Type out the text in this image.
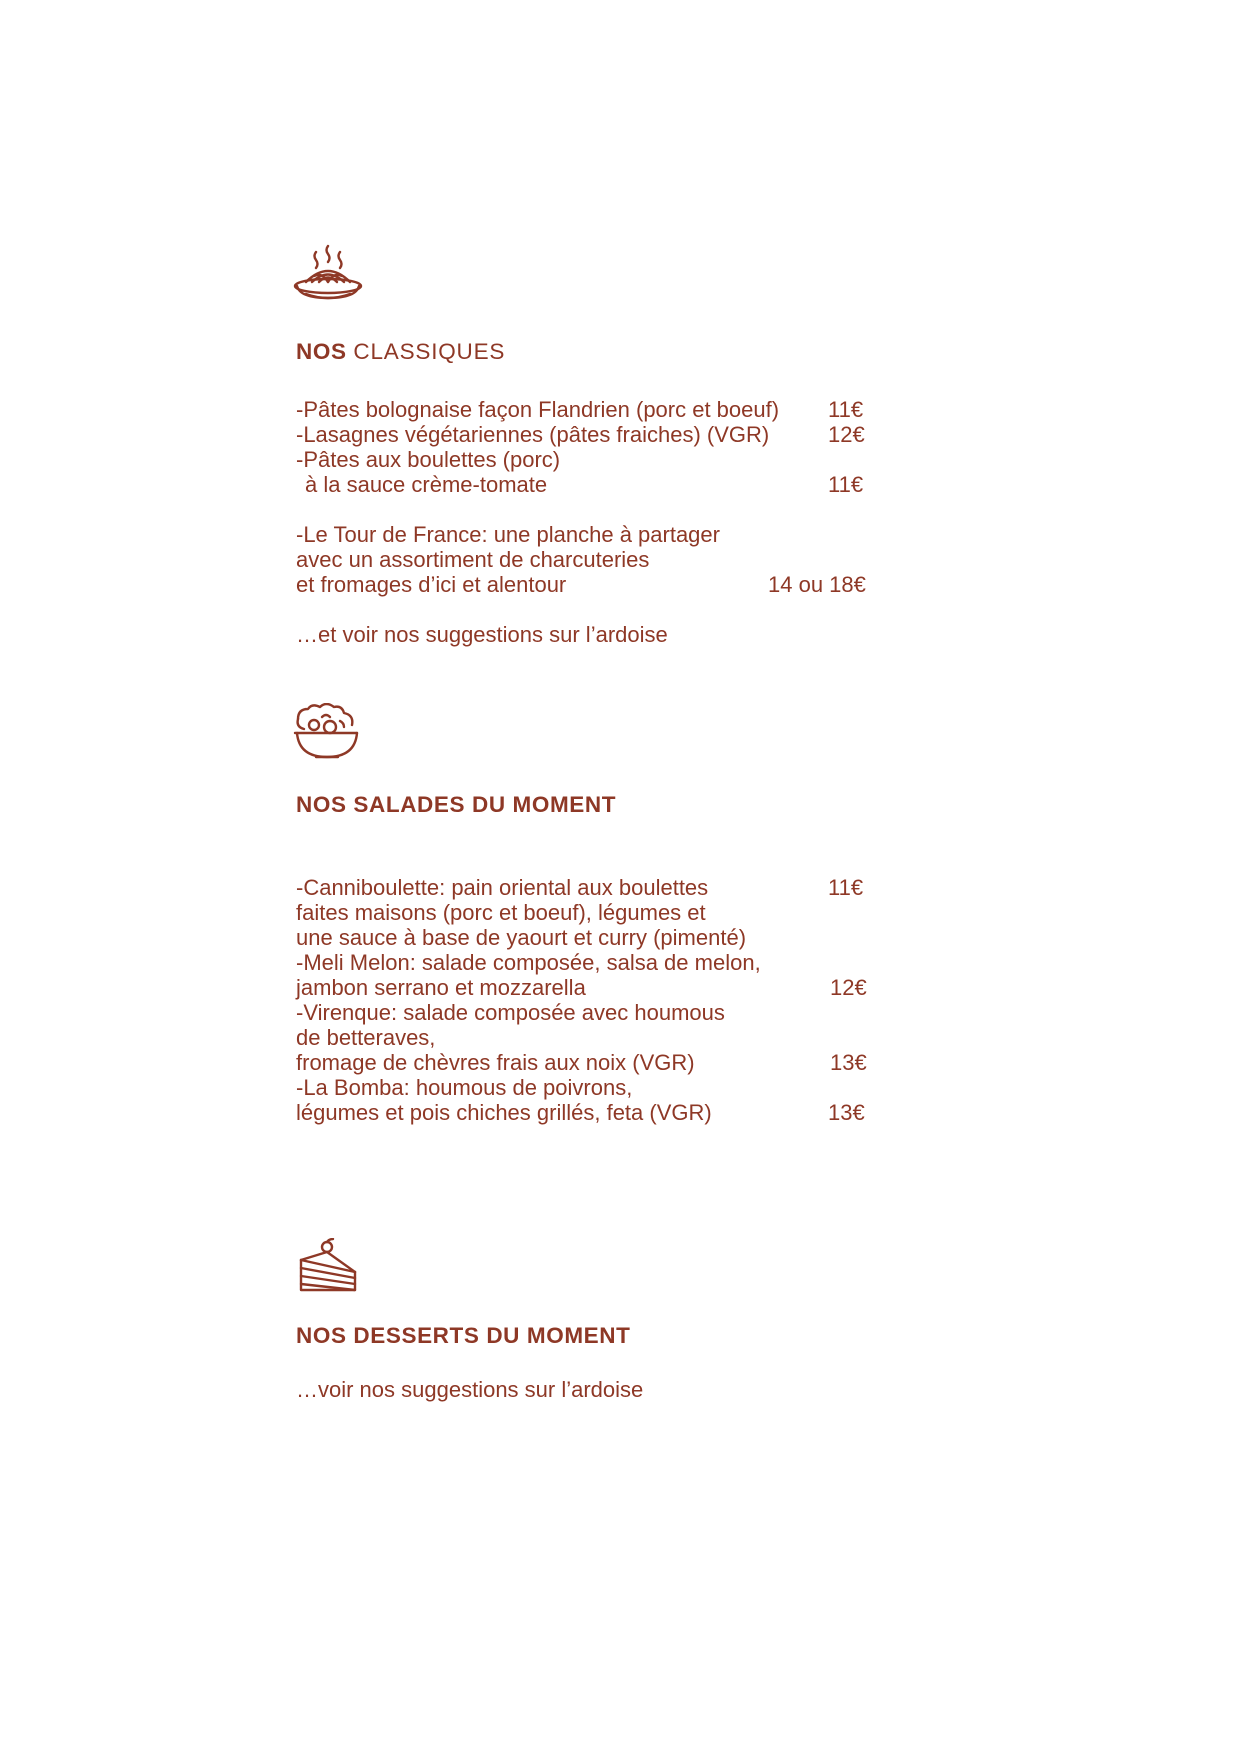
NOS CLASSIQUES
-Pâtes bolognaise façon Flandrien (porc et boeuf)
-Lasagnes végétariennes (pâtes fraiches) (VGR)
-Pâtes aux boulettes (porc)
à la sauce crème-tomate
-Le Tour de France: une planche à partager
avec un assortiment de charcuteries
et fromages d’ici et alentour
…et voir nos suggestions sur l’ardoise
11€
12€
11€
14 ou 18€
NOS SALADES DU MOMENT
-Canniboulette: pain oriental aux boulettes
faites maisons (porc et boeuf), légumes et
une sauce à base de yaourt et curry (pimenté)
-Meli Melon: salade composée, salsa de melon,
jambon serrano et mozzarella
-Virenque: salade composée avec houmous
de betteraves,
fromage de chèvres frais aux noix (VGR)
-La Bomba: houmous de poivrons,
légumes et pois chiches grillés, feta (VGR)
11€
12€
13€
13€
NOS DESSERTS DU MOMENT
…voir nos suggestions sur l’ardoise
